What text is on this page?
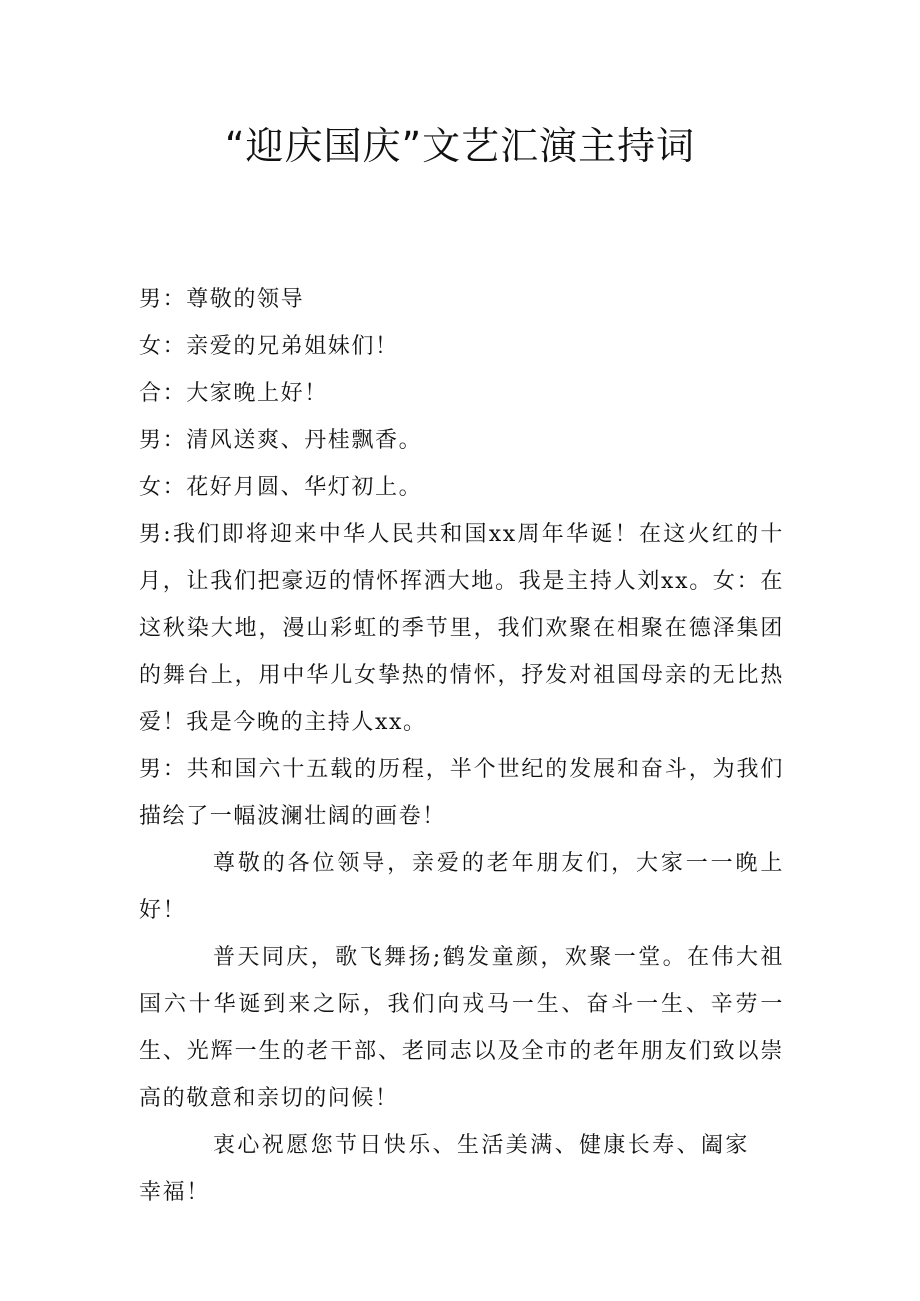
“迎庆国庆”文艺汇演主持词

男：尊敬的领导

女：亲爱的兄弟姐妹们！

合：大家晚上好！

男：清风送爽、丹桂飘香。

女：花好月圆、华灯初上。

男:我们即将迎来中华人民共和国xx周年华诞！在这火红的十月，让我们把豪迈的情怀挥洒大地。我是主持人刘xx。女：在这秋染大地，漫山彩虹的季节里，我们欢聚在相聚在德泽集团的舞台上，用中华儿女挚热的情怀，抒发对祖国母亲的无比热爱！我是今晚的主持人xx。

男：共和国六十五载的历程，半个世纪的发展和奋斗，为我们描绘了一幅波澜壮阔的画卷！

尊敬的各位领导，亲爱的老年朋友们，大家一一晚上好！

普天同庆，歌飞舞扬;鹤发童颜，欢聚一堂。在伟大祖国六十华诞到来之际，我们向戎马一生、奋斗一生、辛劳一生、光辉一生的老干部、老同志以及全市的老年朋友们致以崇高的敬意和亲切的问候！

衷心祝愿您节日快乐、生活美满、健康长寿、阖家幸福！
